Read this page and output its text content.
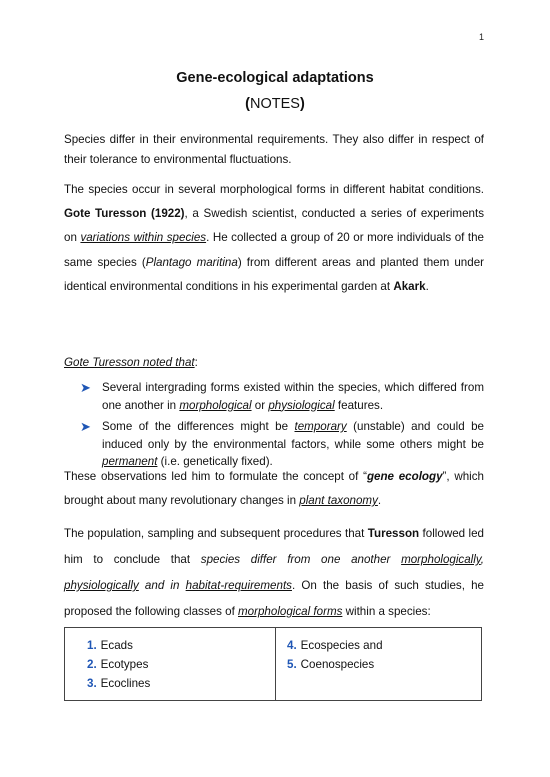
1
Gene-ecological adaptations
(NOTES)
Species differ in their environmental requirements. They also differ in respect of their tolerance to environmental fluctuations.
The species occur in several morphological forms in different habitat conditions. Gote Turesson (1922), a Swedish scientist, conducted a series of experiments on variations within species. He collected a group of 20 or more individuals of the same species (Plantago maritina) from different areas and planted them under identical environmental conditions in his experimental garden at Akark.
Gote Turesson noted that:
➤ Several intergrading forms existed within the species, which differed from one another in morphological or physiological features.
➤ Some of the differences might be temporary (unstable) and could be induced only by the environmental factors, while some others might be permanent (i.e. genetically fixed).
These observations led him to formulate the concept of “gene ecology”, which brought about many revolutionary changes in plant taxonomy.
The population, sampling and subsequent procedures that Turesson followed led him to conclude that species differ from one another morphologically, physiologically and in habitat-requirements. On the basis of such studies, he proposed the following classes of morphological forms within a species:
1. Ecads
2. Ecotypes
3. Ecoclines
4. Ecospecies and
5. Coenospecies
